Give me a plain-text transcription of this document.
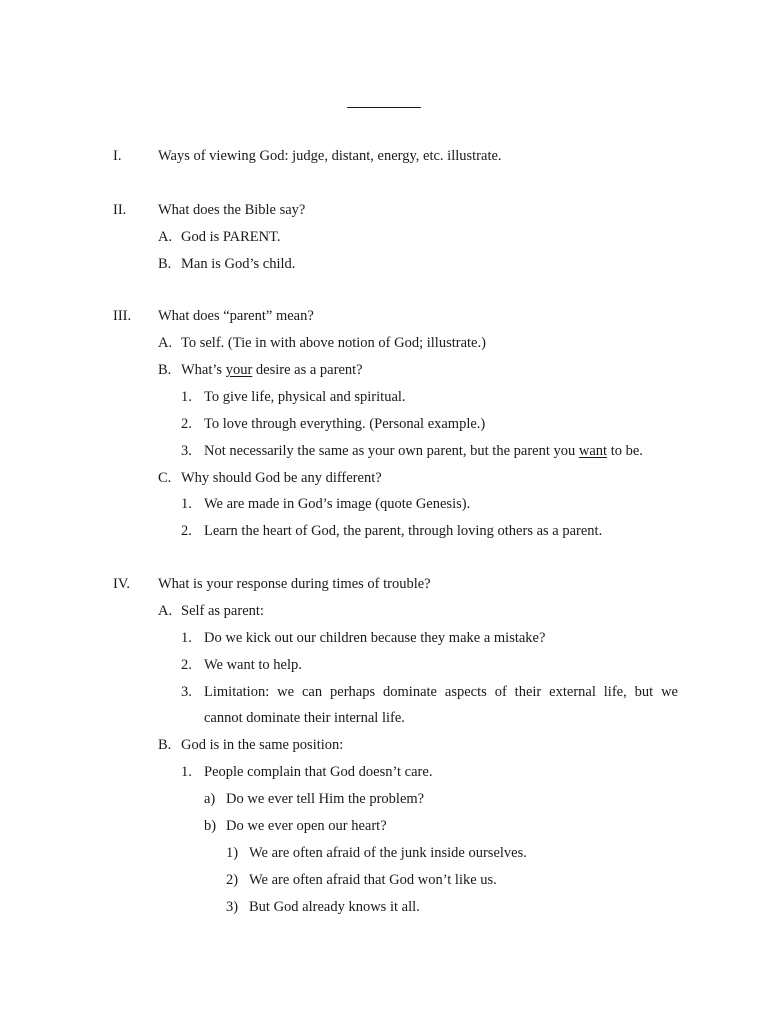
I.	Ways of viewing God: judge, distant, energy, etc. illustrate.
II. What does the Bible say?
A. God is PARENT.
B. Man is God’s child.
III. What does “parent” mean?
A. To self. (Tie in with above notion of God; illustrate.)
B. What’s your desire as a parent?
1. To give life, physical and spiritual.
2. To love through everything. (Personal example.)
3. Not necessarily the same as your own parent, but the parent you want to be.
C. Why should God be any different?
1. We are made in God’s image (quote Genesis).
2. Learn the heart of God, the parent, through loving others as a parent.
IV. What is your response during times of trouble?
A. Self as parent:
1. Do we kick out our children because they make a mistake?
2. We want to help.
3. Limitation: we can perhaps dominate aspects of their external life, but we
cannot dominate their internal life.
B. God is in the same position:
1. People complain that God doesn’t care.
a) Do we ever tell Him the problem?
b) Do we ever open our heart?
1) We are often afraid of the junk inside ourselves.
2) We are often afraid that God won’t like us.
3) But God already knows it all.
